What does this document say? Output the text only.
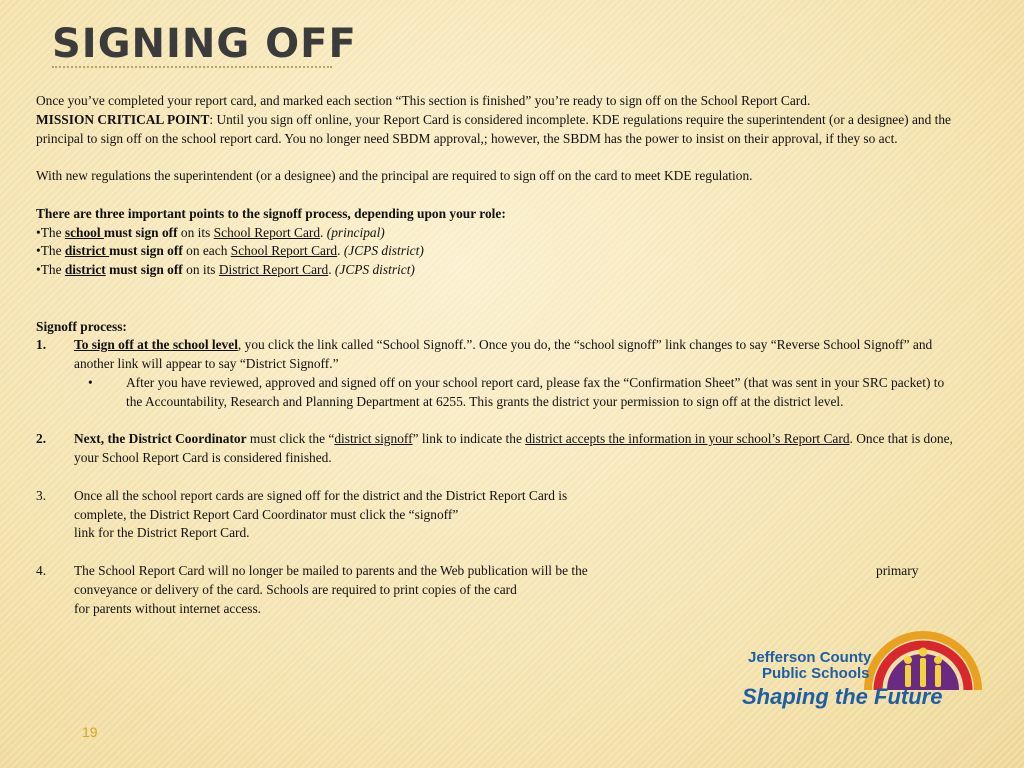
SIGNING OFF

Once you’ve completed your report card, and marked each section “This section is finished” you’re ready to sign off on the School Report Card.
MISSION CRITICAL POINT: Until you sign off online, your Report Card is considered incomplete. KDE regulations require the superintendent (or a designee) and the principal to sign off on the school report card. You no longer need SBDM approval,; however, the SBDM has the power to insist on their approval, if they so act.

With new regulations the superintendent (or a designee) and the principal are required to sign off on the card to meet KDE regulation.

There are three important points to the signoff process, depending upon your role:

•The school must sign off on its School Report Card. (principal)

•The district must sign off on each School Report Card. (JCPS district)

•The district must sign off on its District Report Card. (JCPS district)

Signoff process:

1.	To sign off at the school level, you click the link called “School Signoff.”. Once you do, the “school signoff” link changes to say “Reverse School Signoff” and another link will appear to say “District Signoff.”
•	After you have reviewed, approved and signed off on your school report card, please fax the “Confirmation Sheet” (that was sent in your SRC packet) to the Accountability, Research and Planning Department at 6255. This grants the district your permission to sign off at the district level.
2.	Next, the District Coordinator must click the “district signoff” link to indicate the district accepts the information in your school’s Report Card. Once that is done, your School Report Card is considered finished.
3.	Once all the school report cards are signed off for the district and the District Report Card is
complete, the District Report Card Coordinator must click the “signoff”
link for the District Report Card.
4.	The School Report Card will no longer be mailed to parents and the Web publication will be the	primary
conveyance or delivery of the card. Schools are required to print copies of the card
for parents without internet access.
19
Jefferson County
Public Schools
Shaping the Future
